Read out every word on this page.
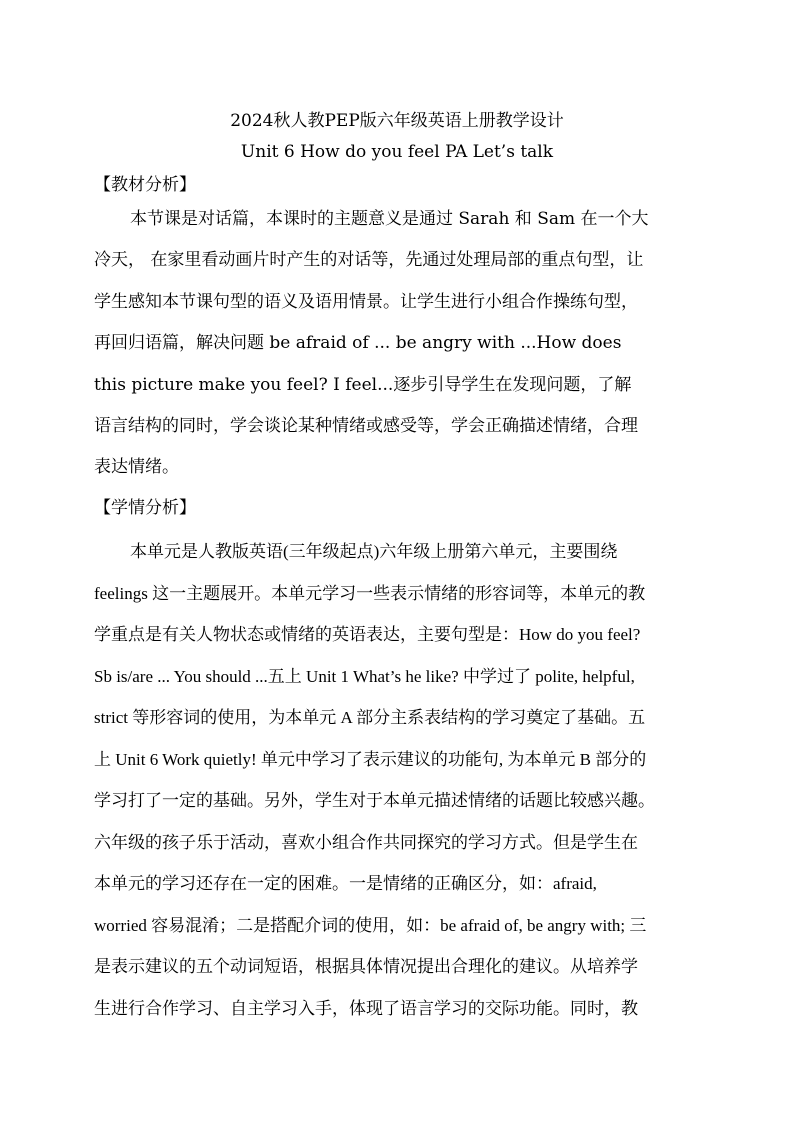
2024秋人教PEP版六年级英语上册教学设计
Unit 6 How do you feel PA Let’s talk
【教材分析】
本节课是对话篇，本课时的主题意义是通过 Sarah 和 Sam 在一个大
冷天， 在家里看动画片时产生的对话等，先通过处理局部的重点句型，让
学生感知本节课句型的语义及语用情景。让学生进行小组合作操练句型，
再回归语篇，解决问题 be afraid of ... be angry with ...How does
this picture make you feel? I feel...逐步引导学生在发现问题，了解
语言结构的同时，学会谈论某种情绪或感受等，学会正确描述情绪，合理
表达情绪。
【学情分析】
本单元是人教版英语(三年级起点)六年级上册第六单元，主要围绕
feelings 这一主题展开。本单元学习一些表示情绪的形容词等，本单元的教
学重点是有关人物状态或情绪的英语表达，主要句型是：How do you feel?
Sb is/are ... You should ...五上 Unit 1 What’s he like? 中学过了 polite, helpful,
strict 等形容词的使用，为本单元 A 部分主系表结构的学习奠定了基础。五
上 Unit 6 Work quietly! 单元中学习了表示建议的功能句, 为本单元 B 部分的
学习打了一定的基础。另外，学生对于本单元描述情绪的话题比较感兴趣。
六年级的孩子乐于活动，喜欢小组合作共同探究的学习方式。但是学生在
本单元的学习还存在一定的困难。一是情绪的正确区分，如：afraid,
worried 容易混淆；二是搭配介词的使用，如：be afraid of, be angry with; 三
是表示建议的五个动词短语，根据具体情况提出合理化的建议。从培养学
生进行合作学习、自主学习入手，体现了语言学习的交际功能。同时，教
